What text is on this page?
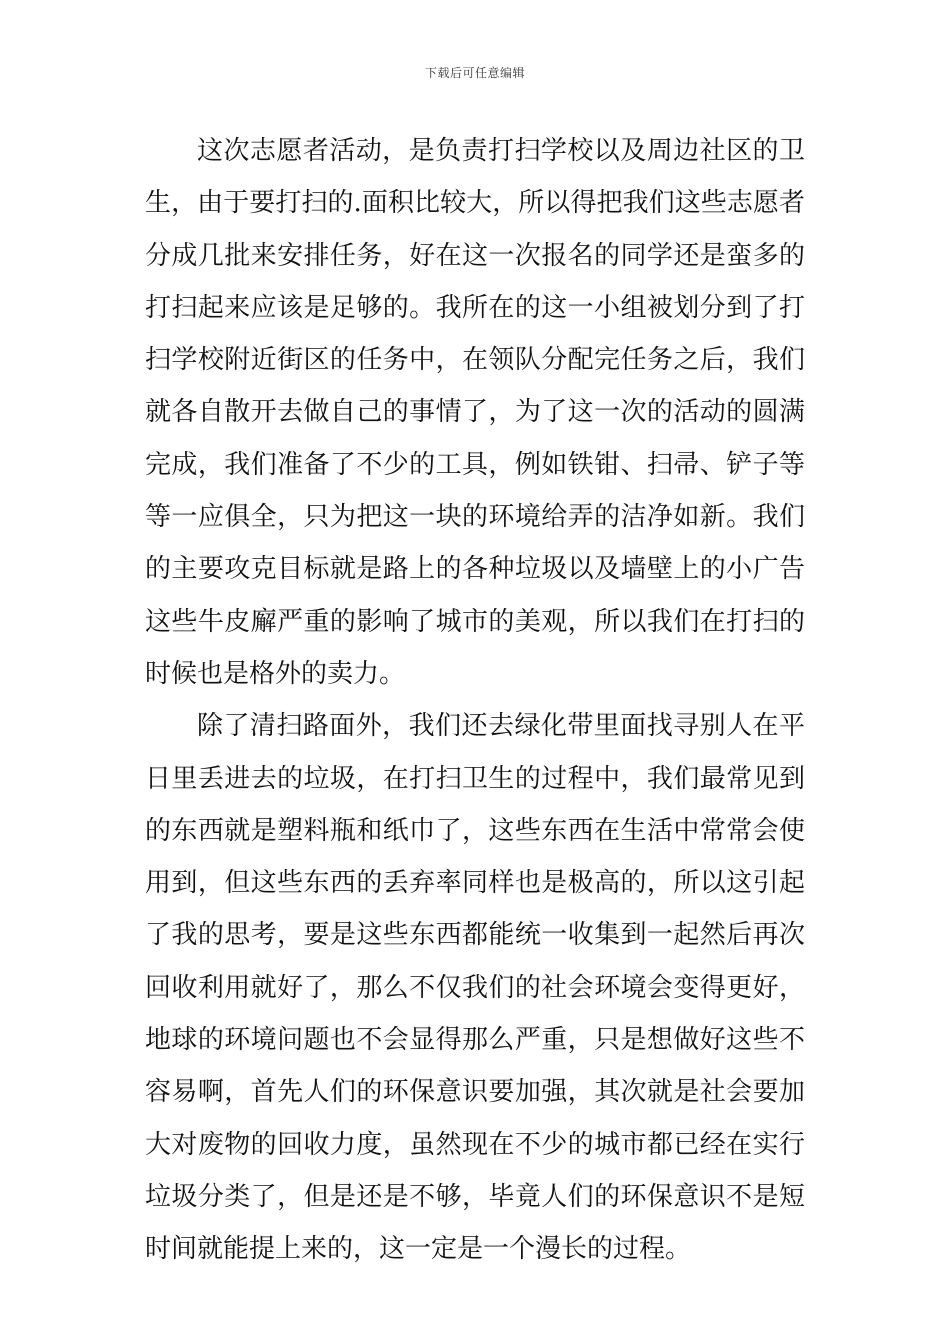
下载后可任意编辑

这次志愿者活动，是负责打扫学校以及周边社区的卫生，由于要打扫的.面积比较大，所以得把我们这些志愿者分成几批来安排任务，好在这一次报名的同学还是蛮多的打扫起来应该是足够的。我所在的这一小组被划分到了打扫学校附近街区的任务中，在领队分配完任务之后，我们就各自散开去做自己的事情了，为了这一次的活动的圆满完成，我们准备了不少的工具，例如铁钳、扫帚、铲子等等一应俱全，只为把这一块的环境给弄的洁净如新。我们的主要攻克目标就是路上的各种垃圾以及墙壁上的小广告这些牛皮廨严重的影响了城市的美观，所以我们在打扫的时候也是格外的卖力。

除了清扫路面外，我们还去绿化带里面找寻别人在平日里丢进去的垃圾，在打扫卫生的过程中，我们最常见到的东西就是塑料瓶和纸巾了，这些东西在生活中常常会使用到，但这些东西的丢弃率同样也是极高的，所以这引起了我的思考，要是这些东西都能统一收集到一起然后再次回收利用就好了，那么不仅我们的社会环境会变得更好，地球的环境问题也不会显得那么严重，只是想做好这些不容易啊，首先人们的环保意识要加强，其次就是社会要加大对废物的回收力度，虽然现在不少的城市都已经在实行垃圾分类了，但是还是不够，毕竟人们的环保意识不是短时间就能提上来的，这一定是一个漫长的过程。
